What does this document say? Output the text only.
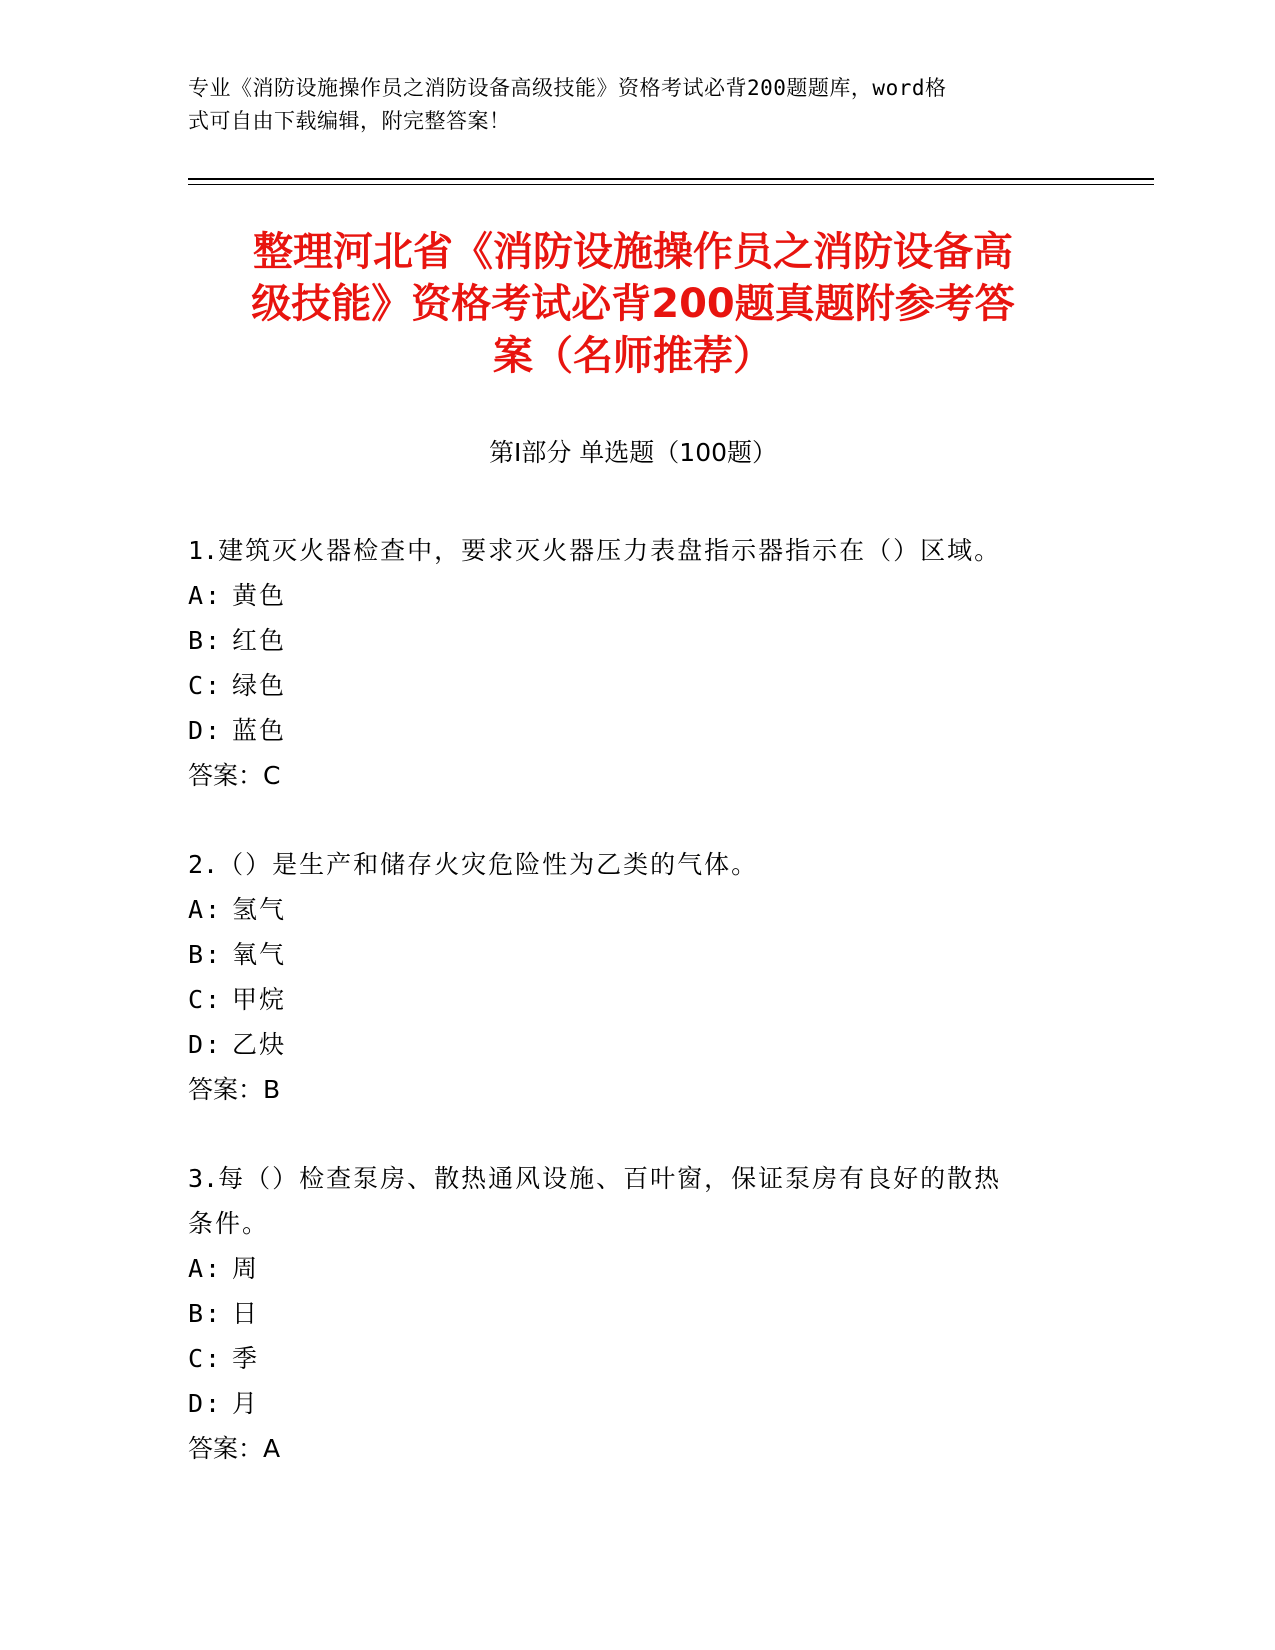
专业《消防设施操作员之消防设备高级技能》资格考试必背200题题库，word格
式可自由下载编辑，附完整答案！
整理河北省《消防设施操作员之消防设备高
级技能》资格考试必背200题真题附参考答
案（名师推荐）
第Ⅰ部分 单选题（100题）

1.建筑灭火器检查中，要求灭火器压力表盘指示器指示在（）区域。

A: 黄色

B: 红色

C: 绿色

D: 蓝色

答案：C

2.（）是生产和储存火灾危险性为乙类的气体。

A: 氢气

B: 氧气

C: 甲烷

D: 乙炔

答案：B

3.每（）检查泵房、散热通风设施、百叶窗，保证泵房有良好的散热

条件。

A: 周

B: 日

C: 季

D: 月

答案：A
